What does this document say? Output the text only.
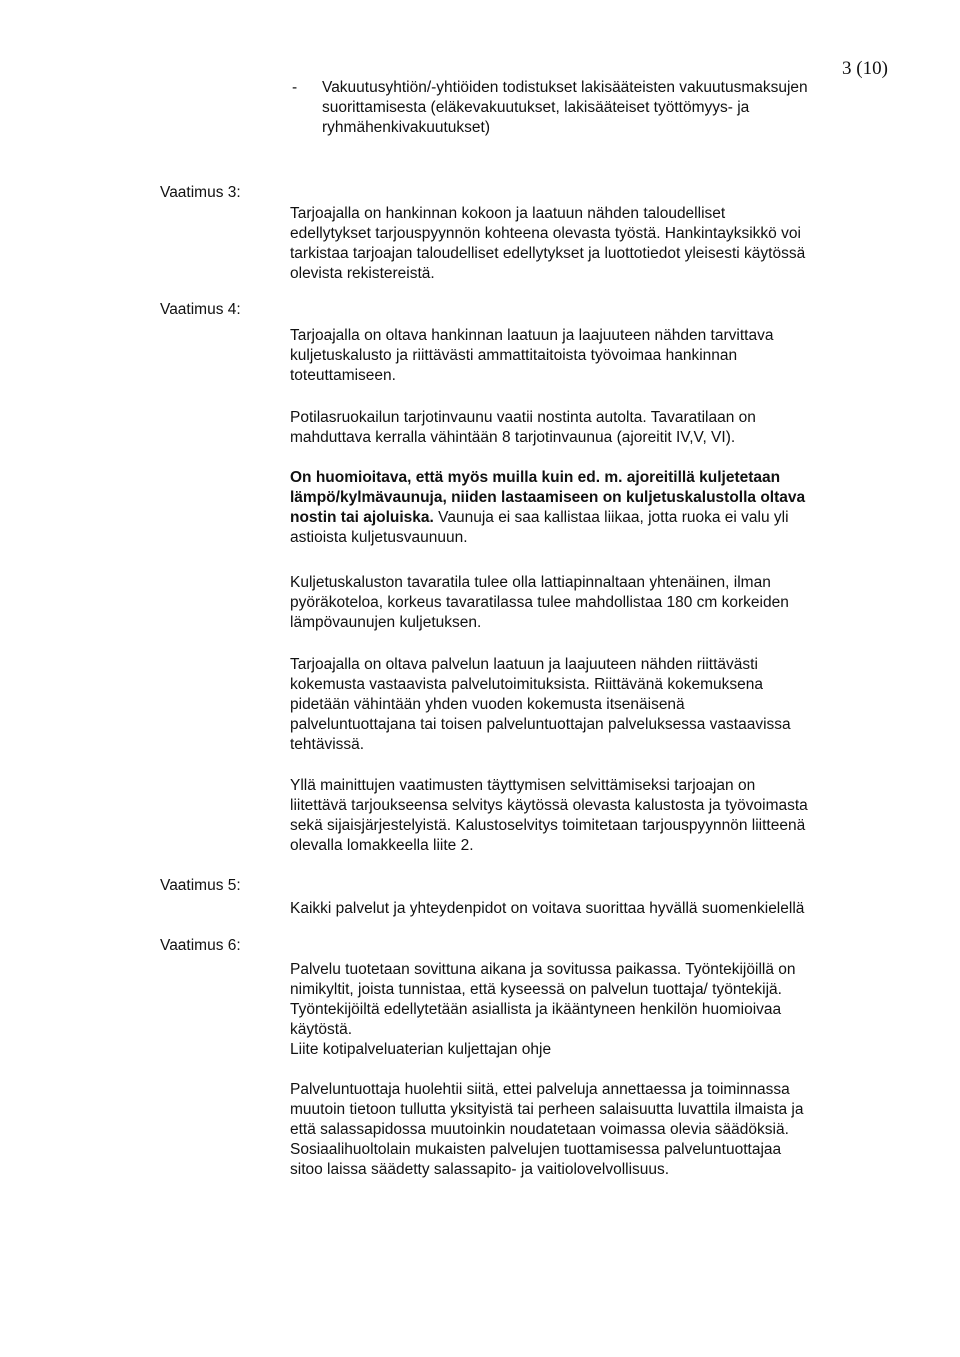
3 (10)
- Vakuutusyhtiön/-yhtiöiden todistukset lakisääteisten vakuutusmaksujen
suorittamisesta (eläkevakuutukset, lakisääteiset työttömyys- ja
ryhmähenkivakuutukset)
Vaatimus 3:
Tarjoajalla on hankinnan kokoon ja laatuun nähden taloudelliset
edellytykset tarjouspyynnön kohteena olevasta työstä. Hankintayksikkö voi
tarkistaa tarjoajan taloudelliset edellytykset ja luottotiedot yleisesti käytössä
olevista rekistereistä.
Vaatimus 4:
Tarjoajalla on oltava hankinnan laatuun ja laajuuteen nähden tarvittava
kuljetuskalusto ja riittävästi ammattitaitoista työvoimaa hankinnan
toteuttamiseen.
Potilasruokailun tarjotinvaunu vaatii nostinta autolta. Tavaratilaan on
mahduttava kerralla vähintään 8 tarjotinvaunua (ajoreitit IV,V, VI).
On huomioitava, että myös muilla kuin ed. m. ajoreitillä kuljetetaan
lämpö/kylmävaunuja, niiden lastaamiseen on kuljetuskalustolla oltava
nostin tai ajoluiska. Vaunuja ei saa kallistaa liikaa, jotta ruoka ei valu yli
astioista kuljetusvaunuun.
Kuljetuskaluston tavaratila tulee olla lattiapinnaltaan yhtenäinen, ilman
pyöräkoteloa, korkeus tavaratilassa tulee mahdollistaa 180 cm korkeiden
lämpövaunujen kuljetuksen.
Tarjoajalla on oltava palvelun laatuun ja laajuuteen nähden riittävästi
kokemusta vastaavista palvelutoimituksista. Riittävänä kokemuksena
pidetään vähintään yhden vuoden kokemusta itsenäisenä
palveluntuottajana tai toisen palveluntuottajan palveluksessa vastaavissa
tehtävissä.
Yllä mainittujen vaatimusten täyttymisen selvittämiseksi tarjoajan on
liitettävä tarjoukseensa selvitys käytössä olevasta kalustosta ja työvoimasta
sekä sijaisjärjestelyistä. Kalustoselvitys toimitetaan tarjouspyynnön liitteenä
olevalla lomakkeella liite 2.
Vaatimus 5:
Kaikki palvelut ja yhteydenpidot on voitava suorittaa hyvällä suomenkielellä
Vaatimus 6:
Palvelu tuotetaan sovittuna aikana ja sovitussa paikassa. Työntekijöillä on
nimikyltit, joista tunnistaa, että kyseessä on palvelun tuottaja/ työntekijä.
Työntekijöiltä edellytetään asiallista ja ikääntyneen henkilön huomioivaa
käytöstä.
Liite kotipalveluaterian kuljettajan ohje
Palveluntuottaja huolehtii siitä, ettei palveluja annettaessa ja toiminnassa
muutoin tietoon tullutta yksityistä tai perheen salaisuutta luvattila ilmaista ja
että salassapidossa muutoinkin noudatetaan voimassa olevia säädöksiä.
Sosiaalihuoltolain mukaisten palvelujen tuottamisessa palveluntuottajaa
sitoo laissa säädetty salassapito- ja vaitiolovelvollisuus.
